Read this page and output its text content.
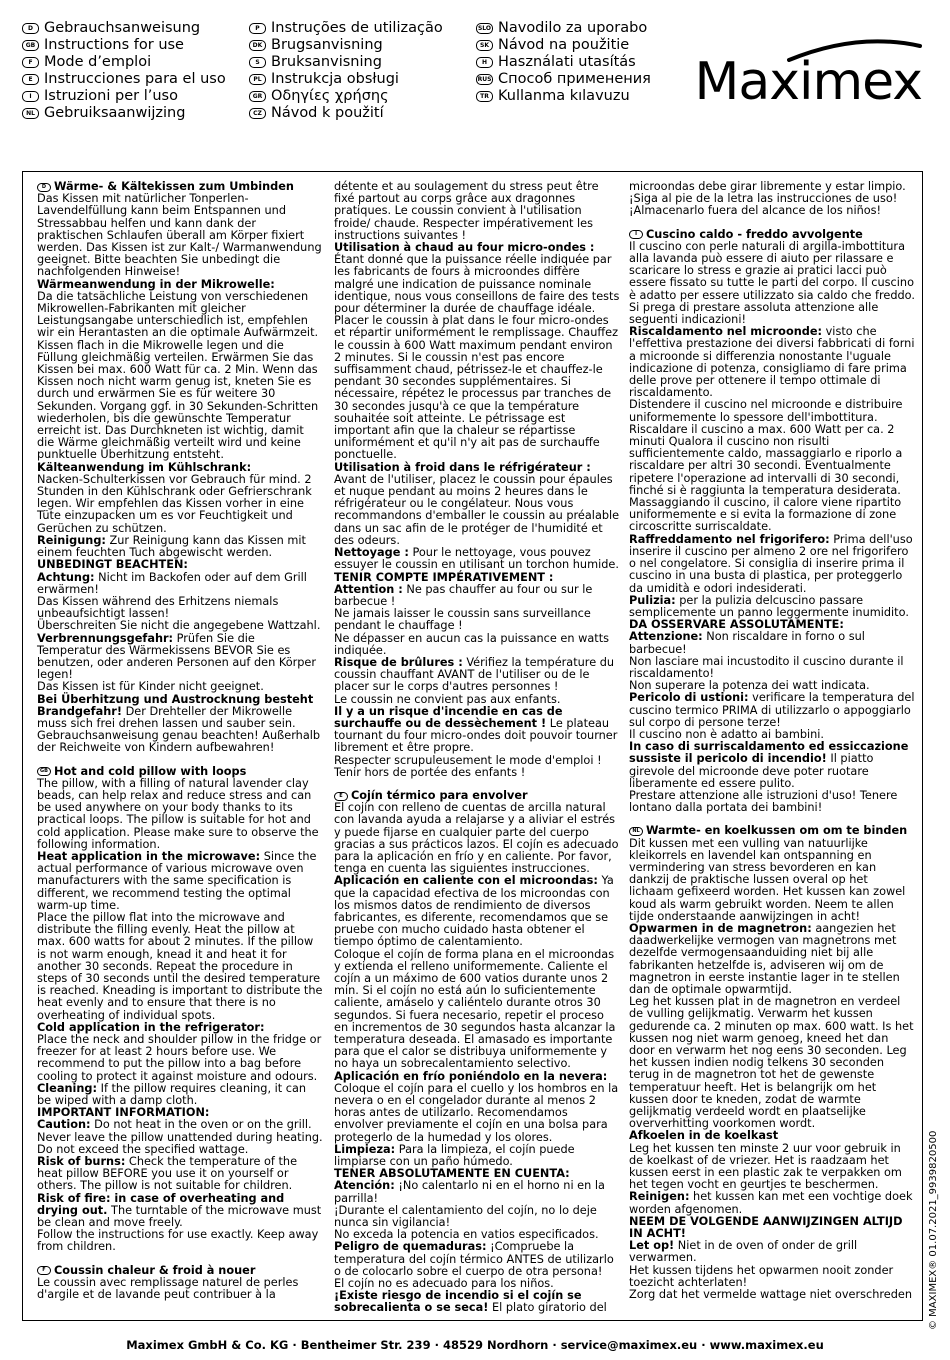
D Gebrauchsanweisung
GB Instructions for use
F Mode d’emploi
E Instrucciones para el uso
I Istruzioni per l’uso
NL Gebruiksaanwijzing
P Instruções de utilização
DK Brugsanvisning
S Bruksanvisning
PL Instrukcja obsługi
GR Οδηγίες χρήσης
CZ Návod k použití
SLO Navodilo za uporabo
SK Návod na použitie
H Használati utasítás
RUS Способ применения
TR Kullanma kılavuzu Maximex

D Wärme- & Kältekissen zum Umbinden

Das Kissen mit natürlicher Tonperlen-Lavendelfüllung kann beim Entspannen und Stressabbau helfen und kann dank der praktischen Schlaufen überall am Körper fixiert werden. Das Kissen ist zur Kalt-/ Warmanwendung geeignet. Bitte beachten Sie unbedingt die nachfolgenden Hinweise!

Wärmeanwendung in der Mikrowelle:

Da die tatsächliche Leistung von verschiedenen Mikrowellen-Fabrikanten mit gleicher Leistungsangabe unterschiedlich ist, empfehlen wir ein Herantasten an die optimale Aufwärmzeit. Kissen flach in die Mikrowelle legen und die Füllung gleichmäßig verteilen. Erwärmen Sie das Kissen bei max. 600 Watt für ca. 2 Min. Wenn das Kissen noch nicht warm genug ist, kneten Sie es durch und erwärmen Sie es für weitere 30 Sekunden. Vorgang ggf. in 30 Sekunden-Schritten wiederholen, bis die gewünschte Temperatur erreicht ist. Das Durchkneten ist wichtig, damit die Wärme gleichmäßig verteilt wird und keine punktuelle Überhitzung entsteht.

Kälteanwendung im Kühlschrank:

Nacken-Schulterkissen vor Gebrauch für mind. 2 Stunden in den Kühlschrank oder Gefrierschrank legen. Wir empfehlen das Kissen vorher in eine Tüte einzupacken um es vor Feuchtigkeit und Gerüchen zu schützen.

Reinigung: Zur Reinigung kann das Kissen mit einem feuchten Tuch abgewischt werden.

UNBEDINGT BEACHTEN:

Achtung: Nicht im Backofen oder auf dem Grill erwärmen!

Das Kissen während des Erhitzens niemals unbeaufsichtigt lassen!

Überschreiten Sie nicht die angegebene Wattzahl.

Verbrennungsgefahr: Prüfen Sie die Temperatur des Wärmekissens BEVOR Sie es benutzen, oder anderen Personen auf den Körper legen!

Das Kissen ist für Kinder nicht geeignet.

Bei Überhitzung und Austrocknung besteht Brandgefahr! Der Drehteller der Mikrowelle muss sich frei drehen lassen und sauber sein. Gebrauchsanweisung genau beachten! Außerhalb der Reichweite von Kindern aufbewahren!

GB Hot and cold pillow with loops

The pillow, with a filling of natural lavender clay beads, can help relax and reduce stress and can be used anywhere on your body thanks to its practical loops. The pillow is suitable for hot and cold application. Please make sure to observe the following information.

Heat application in the microwave: Since the actual performance of various microwave oven manufacturers with the same specification is different, we recommend testing the optimal warm-up time.

Place the pillow flat into the microwave and distribute the filling evenly. Heat the pillow at max. 600 watts for about 2 minutes. If the pillow is not warm enough, knead it and heat it for another 30 seconds. Repeat the procedure in steps of 30 seconds until the desired temperature is reached. Kneading is important to distribute the heat evenly and to ensure that there is no overheating of individual spots.

Cold application in the refrigerator:

Place the neck and shoulder pillow in the fridge or freezer for at least 2 hours before use. We recommend to put the pillow into a bag before cooling to protect it against moisture and odours.

Cleaning: If the pillow requires cleaning, it can be wiped with a damp cloth.

IMPORTANT INFORMATION:

Caution: Do not heat in the oven or on the grill. Never leave the pillow unattended during heating.

Do not exceed the specified wattage.

Risk of burns: Check the temperature of the heat pillow BEFORE you use it on yourself or others. The pillow is not suitable for children.

Risk of fire: in case of overheating and drying out. The turntable of the microwave must be clean and move freely.

Follow the instructions for use exactly. Keep away from children.

F Coussin chaleur & froid à nouer

Le coussin avec remplissage naturel de perles d'argile et de lavande peut contribuer à la

détente et au soulagement du stress peut être fixé partout au corps grâce aux dragonnes pratiques. Le coussin convient à l'utilisation froide/ chaude. Respecter impérativement les instructions suivantes !

Utilisation à chaud au four micro-ondes : Étant donné que la puissance réelle indiquée par les fabricants de fours à microondes diffère malgré une indication de puissance nominale identique, nous vous conseillons de faire des tests pour déterminer la durée de chauffage idéale.

Placer le coussin à plat dans le four micro-ondes et répartir uniformément le remplissage. Chauffez le coussin à 600 Watt maximum pendant environ 2 minutes. Si le coussin n'est pas encore suffisamment chaud, pétrissez-le et chauffez-le pendant 30 secondes supplémentaires. Si nécessaire, répétez le processus par tranches de 30 secondes jusqu'à ce que la température souhaitée soit atteinte. Le pétrissage est important afin que la chaleur se répartisse uniformément et qu'il n'y ait pas de surchauffe ponctuelle.

Utilisation à froid dans le réfrigérateur : Avant de l'utiliser, placez le coussin pour épaules et nuque pendant au moins 2 heures dans le réfrigérateur ou le congélateur. Nous vous recommandons d'emballer le coussin au préalable dans un sac afin de le protéger de l'humidité et des odeurs.

Nettoyage : Pour le nettoyage, vous pouvez essuyer le coussin en utilisant un torchon humide.

TENIR COMPTE IMPÉRATIVEMENT :

Attention : Ne pas chauffer au four ou sur le barbecue !

Ne jamais laisser le coussin sans surveillance pendant le chauffage !

Ne dépasser en aucun cas la puissance en watts indiquée.

Risque de brûlures : Vérifiez la température du coussin chauffant AVANT de l'utiliser ou de le placer sur le corps d'autres personnes !

Le coussin ne convient pas aux enfants.

Il y a un risque d'incendie en cas de surchauffe ou de dessèchement ! Le plateau tournant du four micro-ondes doit pouvoir tourner librement et être propre.

Respecter scrupuleusement le mode d'emploi ! Tenir hors de portée des enfants !

E Cojín térmico para envolver

El cojín con relleno de cuentas de arcilla natural con lavanda ayuda a relajarse y a aliviar el estrés y puede fijarse en cualquier parte del cuerpo gracias a sus prácticos lazos. El cojín es adecuado para la aplicación en frío y en caliente. Por favor, tenga en cuenta las siguientes instrucciones.

Aplicación en caliente con el microondas: Ya que la capacidad efectiva de los microondas con los mismos datos de rendimiento de diversos fabricantes, es diferente, recomendamos que se pruebe con mucho cuidado hasta obtener el tiempo óptimo de calentamiento.

Coloque el cojín de forma plana en el microondas y extienda el relleno uniformemente. Caliente el cojín a un máximo de 600 vatios durante unos 2 min. Si el cojín no está aún lo suficientemente caliente, amáselo y caliéntelo durante otros 30 segundos. Si fuera necesario, repetir el proceso en incrementos de 30 segundos hasta alcanzar la temperatura deseada. El amasado es importante para que el calor se distribuya uniformemente y no haya un sobrecalentamiento selectivo.

Aplicación en frío poniéndolo en la nevera:

Coloque el cojín para el cuello y los hombros en la nevera o en el congelador durante al menos 2 horas antes de utilizarlo. Recomendamos envolver previamente el cojín en una bolsa para protegerlo de la humedad y los olores.

Limpieza: Para la limpieza, el cojín puede limpiarse con un paño húmedo.

TENER ABSOLUTAMENTE EN CUENTA:

Atención: ¡No calentarlo ni en el horno ni en la parrilla!

¡Durante el calentamiento del cojín, no lo deje nunca sin vigilancia!

No exceda la potencia en vatios especificados.

Peligro de quemaduras: ¡Compruebe la temperatura del cojín térmico ANTES de utilizarlo o de colocarlo sobre el cuerpo de otra persona!

El cojín no es adecuado para los niños.

¡Existe riesgo de incendio si el cojín se sobrecalienta o se seca! El plato giratorio del

microondas debe girar libremente y estar limpio. ¡Siga al pie de la letra las instrucciones de uso! ¡Almacenarlo fuera del alcance de los niños!

I Cuscino caldo - freddo avvolgente

Il cuscino con perle naturali di argilla-imbottitura alla lavanda può essere di aiuto per rilassare e scaricare lo stress e grazie ai pratici lacci può essere fissato su tutte le parti del corpo. Il cuscino è adatto per essere utilizzato sia caldo che freddo. Si prega di prestare assoluta attenzione alle seguenti indicazioni!

Riscaldamento nel microonde: visto che l'effettiva prestazione dei diversi fabbricati di forni a microonde si differenzia nonostante l'uguale indicazione di potenza, consigliamo di fare prima delle prove per ottenere il tempo ottimale di riscaldamento.

Distendere il cuscino nel microonde e distribuire uniformemente lo spessore dell'imbottitura. Riscaldare il cuscino a max. 600 Watt per ca. 2 minuti Qualora il cuscino non risulti sufficientemente caldo, massaggiarlo e riporlo a riscaldare per altri 30 secondi. Eventualmente ripetere l'operazione ad intervalli di 30 secondi, finché si è raggiunta la temperatura desiderata. Massaggiando il cuscino, il calore viene ripartito uniformemente e si evita la formazione di zone circoscritte surriscaldate.

Raffreddamento nel frigorifero: Prima dell'uso inserire il cuscino per almeno 2 ore nel frigorifero o nel congelatore. Si consiglia di inserire prima il cuscino in una busta di plastica, per proteggerlo da umidità e odori indesiderati.

Pulizia: per la pulizia delcuscino passare semplicemente un panno leggermente inumidito.

DA OSSERVARE ASSOLUTAMENTE:

Attenzione: Non riscaldare in forno o sul barbecue!

Non lasciare mai incustodito il cuscino durante il riscaldamento!

Non superare la potenza dei watt indicata.

Pericolo di ustioni: verificare la temperatura del cuscino termico PRIMA di utilizzarlo o appoggiarlo sul corpo di persone terze!

Il cuscino non è adatto ai bambini.

In caso di surriscaldamento ed essiccazione sussiste il pericolo di incendio! Il piatto girevole del microonde deve poter ruotare liberamente ed essere pulito.

Prestare attenzione alle istruzioni d'uso! Tenere lontano dalla portata dei bambini!

NL Warmte- en koelkussen om om te binden

Dit kussen met een vulling van natuurlijke kleikorrels en lavendel kan ontspanning en vermindering van stress bevorderen en kan dankzij de praktische lussen overal op het lichaam gefixeerd worden. Het kussen kan zowel koud als warm gebruikt worden. Neem te allen tijde onderstaande aanwijzingen in acht!

Opwarmen in de magnetron: aangezien het daadwerkelijke vermogen van magnetrons met dezelfde vermogensaanduiding niet bij alle fabrikanten hetzelfde is, adviseren wij om de magnetron in eerste instantie lager in te stellen dan de optimale opwarmtijd.

Leg het kussen plat in de magnetron en verdeel de vulling gelijkmatig. Verwarm het kussen gedurende ca. 2 minuten op max. 600 watt. Is het kussen nog niet warm genoeg, kneed het dan door en verwarm het nog eens 30 seconden. Leg het kussen indien nodig telkens 30 seconden terug in de magnetron tot het de gewenste temperatuur heeft. Het is belangrijk om het kussen door te kneden, zodat de warmte gelijkmatig verdeeld wordt en plaatselijke oververhitting voorkomen wordt.

Afkoelen in de koelkast

Leg het kussen ten minste 2 uur voor gebruik in de koelkast of de vriezer. Het is raadzaam het kussen eerst in een plastic zak te verpakken om het tegen vocht en geurtjes te beschermen.

Reinigen: het kussen kan met een vochtige doek worden afgenomen.

NEEM DE VOLGENDE AANWIJZINGEN ALTIJD IN ACHT!

Let op! Niet in de oven of onder de grill verwarmen.

Het kussen tijdens het opwarmen nooit zonder toezicht achterlaten!

Zorg dat het vermelde wattage niet overschreden

Maximex GmbH & Co. KG · Bentheimer Str. 239 · 48529 Nordhorn · service@maximex.eu · www.maximex.eu
© MAXIMEX® 01.07.2021_993982050​0
